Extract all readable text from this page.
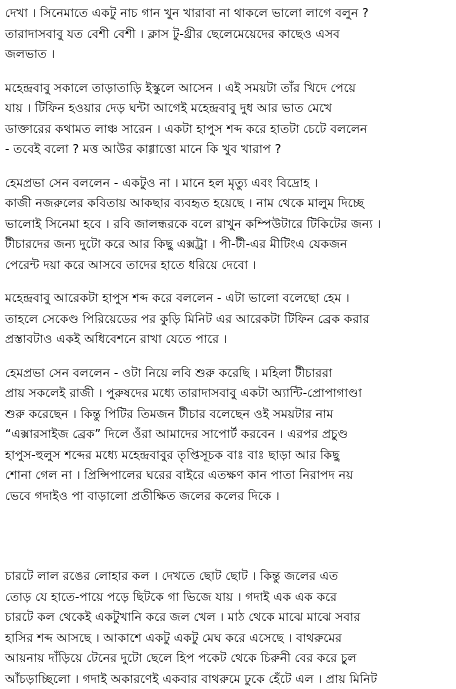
দেখা । সিনেমাতে একটু নাচ গান খুন খারাবা না থাকলে ভালো লাগে বলুন ?
তারাদাসবাবু যত বেশী বেশী । ক্লাস টু-থ্রীর ছেলেমেয়েদের কাছেও এসব
জলভাত ।
মহেন্দ্রবাবু সকালে তাড়াতাড়ি ইস্কুলে আসেন । এই সময়টা তাঁর খিদে পেয়ে
যায় । টিফিন হওয়ার দেড় ঘন্টা আগেই মহেন্দ্রবাবু দুধ আর ভাত মেখে
ডাক্তারের কথামত লাঞ্চ সারেন । একটা হাপুস শব্দ করে হাতটা চেটে বললেন
- তবেই বলো ? মত্ত আউর কাগ্গাত্তো মানে কি খুব খারাপ ?
হেমপ্রভা সেন বললেন - একটুও না । মানে হল মৃত্যু এবং বিদ্রোহ ।
কাজী নজরুলের কবিতায় আকছার ব্যবহৃত হয়েছে । নাম থেকে মালুম দিচ্ছে
ভালোই সিনেমা হবে । রবি জালন্ধরকে বলে রাখুন কম্পিউটারে টিকিটের জন্য ।
টীচারদের জন্য দুটো করে আর কিছু এক্সট্রা । পী-টী-এর মীটিংএ যেকজন
পেরেন্ট দয়া করে আসবে তাদের হাতে ধরিয়ে দেবো ।
মহেন্দ্রবাবু আরেকটা হাপুস শব্দ করে বললেন - এটা ভালো বলেছো হেম ।
তাহলে সেকেণ্ড পিরিয়েডের পর কুড়ি মিনিট এর আরেকটা টিফিন ব্রেক করার
প্রস্তাবটাও একই অধিবেশনে রাখা যেতে পারে ।
হেমপ্রভা সেন বললেন - ওটা নিয়ে লবি শুরু করেছি । মহিলা টীচাররা
প্রায় সকলেই রাজী । পুরুষদের মধ্যে তারাদাসবাবু একটা অ্যান্টি-প্রোপাগাণ্ডা
শুরু করেছেন । কিন্তু পিটির তিমজন টীচার বলেছেন ওই সময়টার নাম
“এক্সারসাইজ ব্রেক” দিলে ওঁরা আমাদের সাপোর্ট করবেন । এরপর প্রচুণ্ড
হাপুস-হুলুস শব্দের মধ্যে মহেন্দ্রবাবুর তৃপ্তিসূচক বাঃ বাঃ ছাড়া আর কিছু
শোনা গেল না । প্রিন্সিপালের ঘরের বাইরে এতক্ষণ কান পাতা নিরাপদ নয়
ভেবে গদাইও পা বাড়ালো প্রতীক্ষিত জলের কলের দিকে ।
চারটে লাল রঙের লোহার কল । দেখতে ছোট ছোট । কিন্তু জলের এত
তোড় যে হাতে-পায়ে পড়ে ছিটকে গা ভিজে যায় । গদাই এক এক করে
চারটে কল থেকেই একটুখানি করে জল খেল । মাঠ থেকে মাঝে মাঝে সবার
হাসির শব্দ আসছে । আকাশে একটু একটু মেঘ করে এসেছে । বাথরুমের
আয়নায় দাঁড়িয়ে টেনের দুটো ছেলে হিপ পকেট থেকে চিরুনী বের করে চুল
আঁচড়াচ্ছিলো । গদাই অকারণেই একবার বাথরুমে ঢুকে হেঁটে এল । প্রায় মিনিট
